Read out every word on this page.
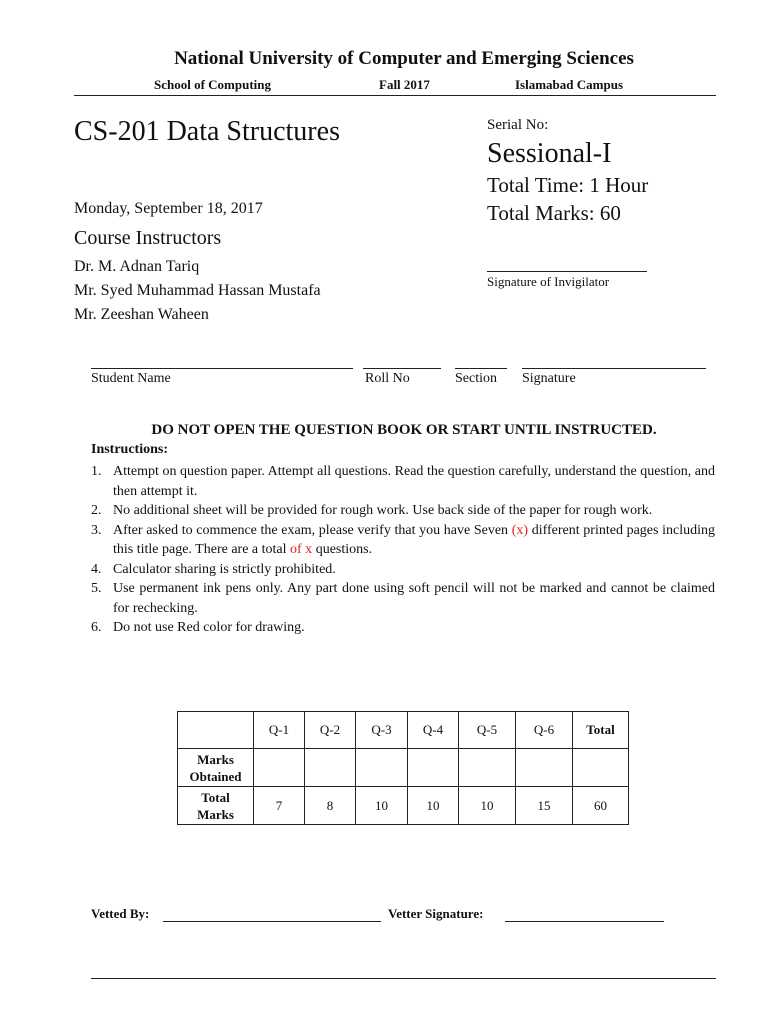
National University of Computer and Emerging Sciences
School of Computing	Fall 2017	Islamabad Campus
CS-201 Data Structures
Monday, September 18, 2017
Course Instructors
Dr. M. Adnan Tariq
Mr. Syed Muhammad Hassan Mustafa
Mr. Zeeshan Waheen
Serial No:
Sessional-I
Total Time: 1 Hour
Total Marks: 60
Signature of Invigilator
Student Name	Roll No	Section Signature
DO NOT OPEN THE QUESTION BOOK OR START UNTIL INSTRUCTED.
Instructions:
1. Attempt on question paper. Attempt all questions. Read the question carefully, understand the question, and then attempt it.
2. No additional sheet will be provided for rough work. Use back side of the paper for rough work.
3. After asked to commence the exam, please verify that you have Seven (x) different printed pages including this title page. There are a total of x questions.
4. Calculator sharing is strictly prohibited.
5. Use permanent ink pens only. Any part done using soft pencil will not be marked and cannot be claimed for rechecking.
6. Do not use Red color for drawing.
	Q-1	Q-2	Q-3	Q-4	Q-5	Q-6	Total
Marks
Obtained							
Total
Marks	7	8	10	10	10	15	60
Vetted By:	Vetter Signature:
